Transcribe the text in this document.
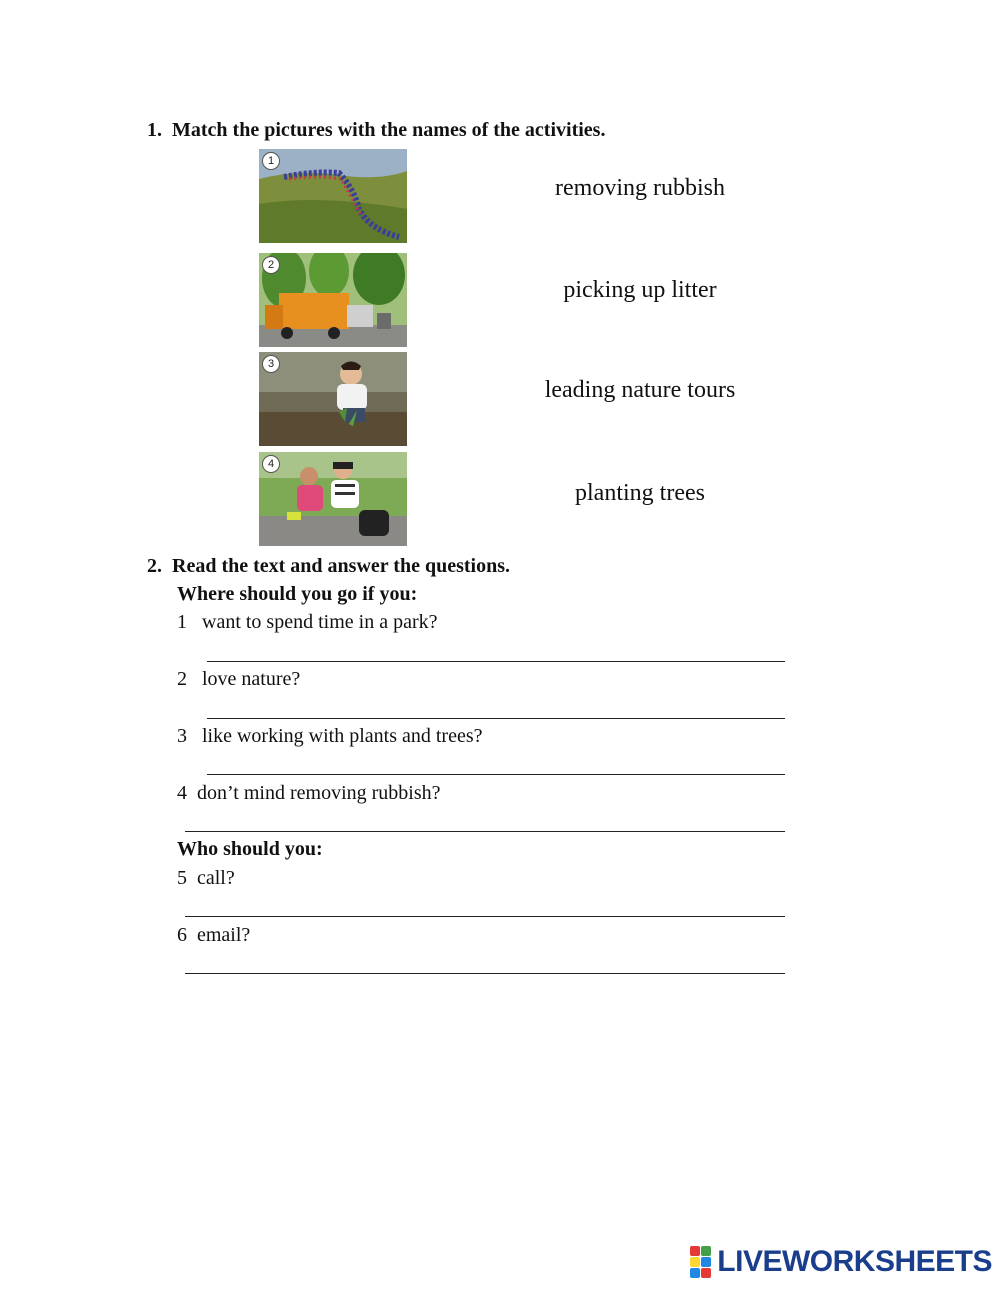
1. Match the pictures with the names of the activities.
1
2
3
4
removing rubbish
picking up litter
leading nature tours
planting trees
2. Read the text and answer the questions.
Where should you go if you:
1 want to spend time in a park?
2 love nature?
3 like working with plants and trees?
4 don’t mind removing rubbish?
Who should you:
5 call?
6 email?
LIVEWORKSHEETS
